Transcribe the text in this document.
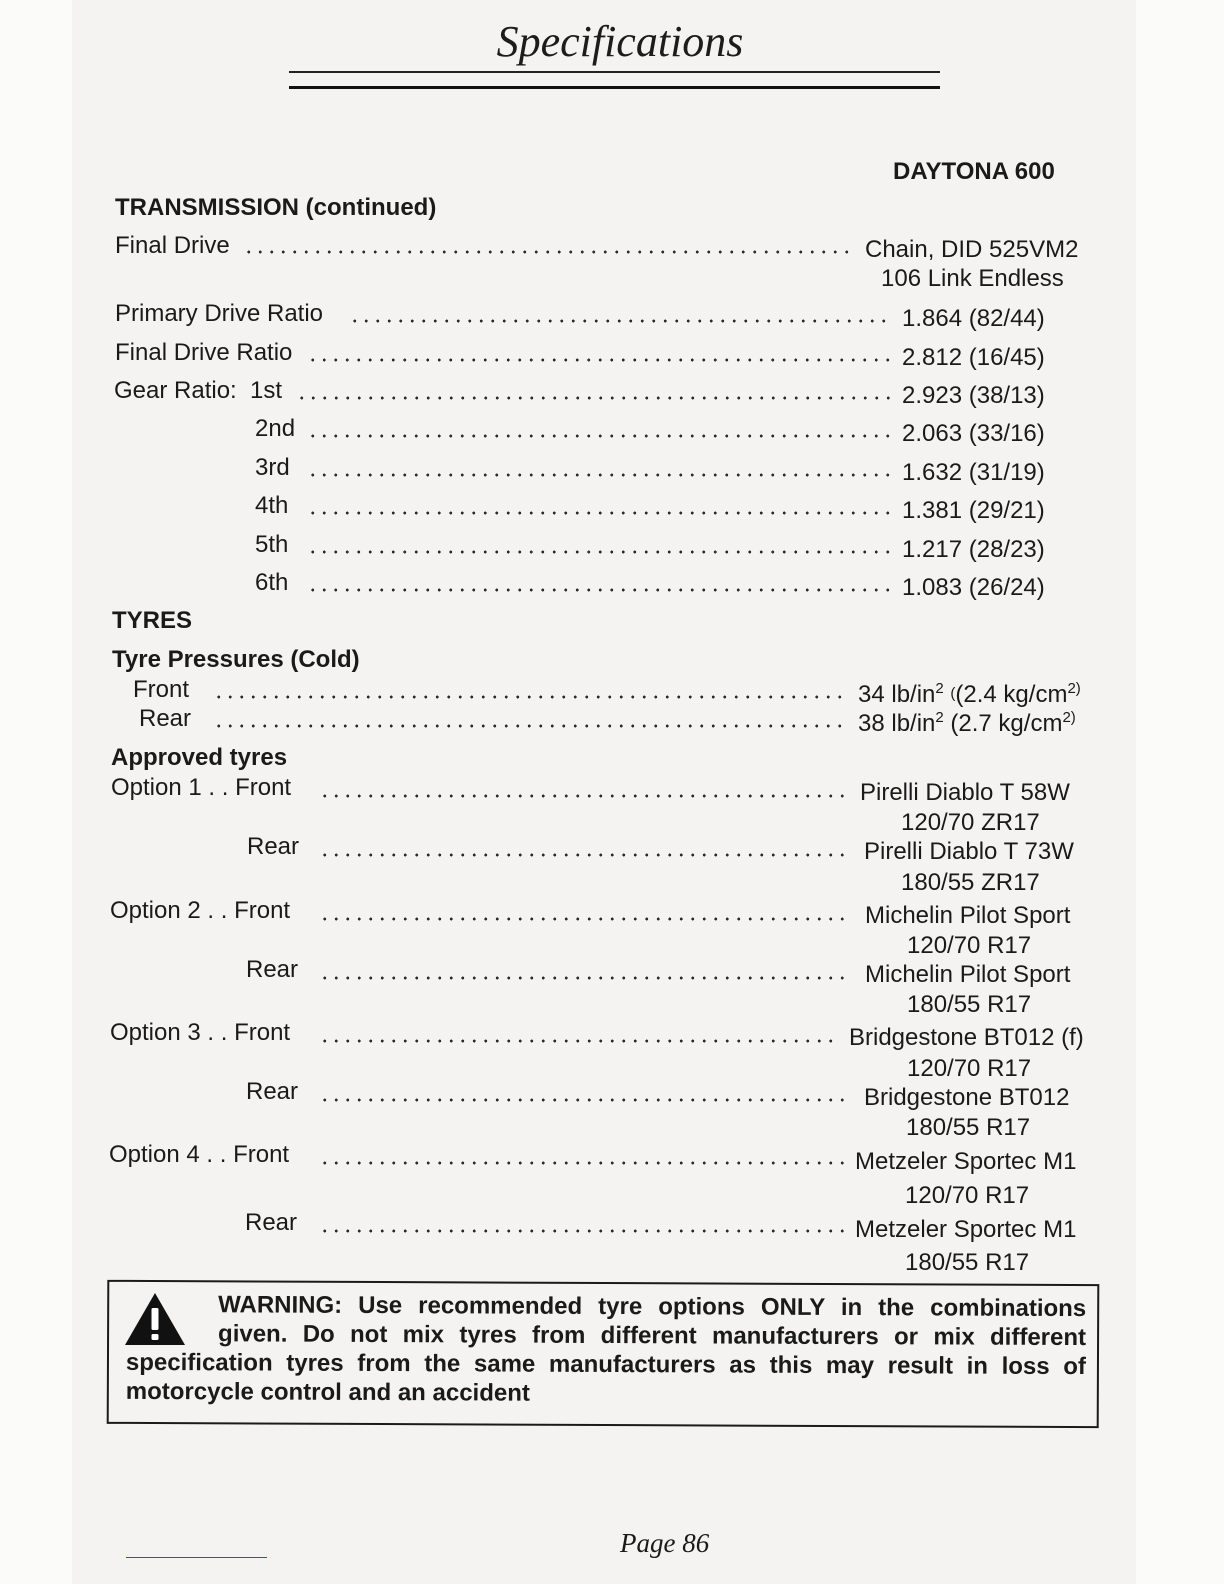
Specifications
DAYTONA 600
TRANSMISSION (continued)
Final Drive	Chain, DID 525VM2
106 Link Endless
Primary Drive Ratio	1.864 (82/44)
Final Drive Ratio	2.812 (16/45)
Gear Ratio: 1st	2.923 (38/13)
2nd	2.063 (33/16)
3rd	1.632 (31/19)
4th	1.381 (29/21)
5th	1.217 (28/23)
6th	1.083 (26/24)
TYRES
Tyre Pressures (Cold)
Front	34 $lb/in^2$ ((2.4 $kg/cm^{2)}$
Rear	38 $lb/in^2$ (2.7 $kg/cm^{2)}$
Approved tyres
Option 1 . . Front	Pirelli Diablo T 58W
120/70 ZR17
Rear	Pirelli Diablo T 73W
180/55 ZR17
Option 2 . . Front	Michelin Pilot Sport
120/70 R17
Rear	Michelin Pilot Sport
180/55 R17
Option 3 . . Front	Bridgestone BT012 (f)
120/70 R17
Rear	Bridgestone BT012
180/55 R17
Option 4 . . Front	Metzeler Sportec M1
120/70 R17
Rear	Metzeler Sportec M1
180/55 R17
WARNING: Use recommended tyre options ONLY in the combinations given. Do not mix tyres from different manufacturers or mix different specification tyres from the same manufacturers as this may result in loss of motorcycle control and an accident
Page 86
